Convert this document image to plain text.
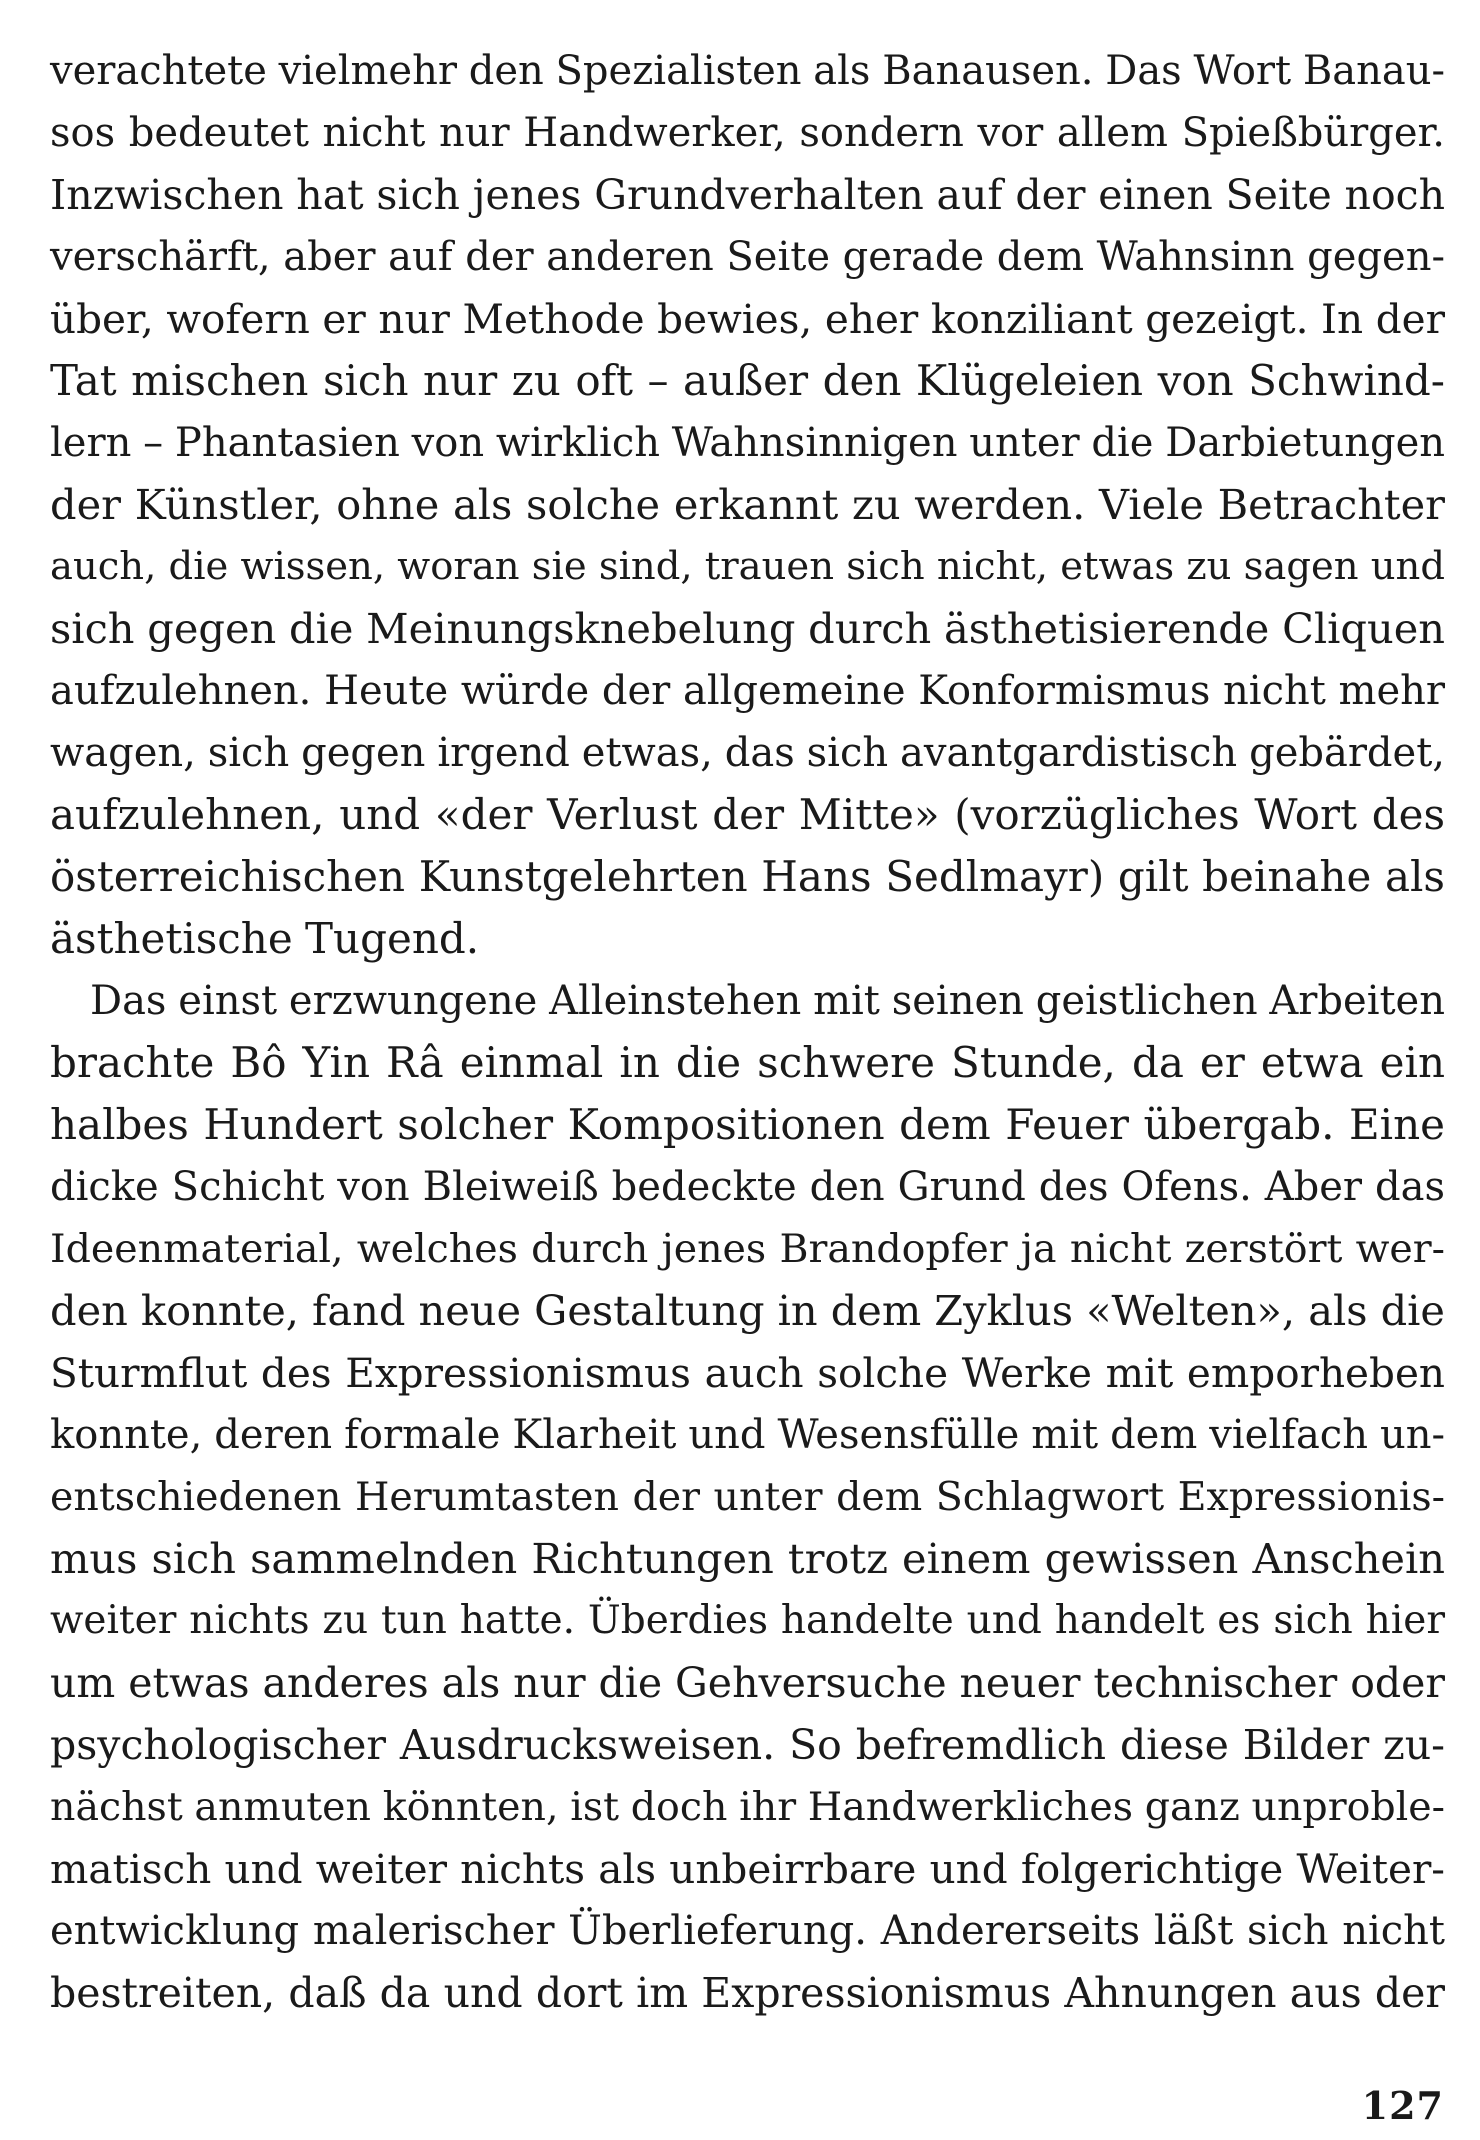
verachtete vielmehr den Spezialisten als Banausen. Das Wort Banau-
sos bedeutet nicht nur Handwerker, sondern vor allem Spießbürger.
Inzwischen hat sich jenes Grundverhalten auf der einen Seite noch
verschärft, aber auf der anderen Seite gerade dem Wahnsinn gegen-
über, wofern er nur Methode bewies, eher konziliant gezeigt. In der
Tat mischen sich nur zu oft – außer den Klügeleien von Schwind-
lern – Phantasien von wirklich Wahnsinnigen unter die Darbietungen
der Künstler, ohne als solche erkannt zu werden. Viele Betrachter
auch, die wissen, woran sie sind, trauen sich nicht, etwas zu sagen und
sich gegen die Meinungsknebelung durch ästhetisierende Cliquen
aufzulehnen. Heute würde der allgemeine Konformismus nicht mehr
wagen, sich gegen irgend etwas, das sich avantgardistisch gebärdet,
aufzulehnen, und «der Verlust der Mitte» (vorzügliches Wort des
österreichischen Kunstgelehrten Hans Sedlmayr) gilt beinahe als
ästhetische Tugend.
Das einst erzwungene Alleinstehen mit seinen geistlichen Arbeiten
brachte Bô Yin Râ einmal in die schwere Stunde, da er etwa ein
halbes Hundert solcher Kompositionen dem Feuer übergab. Eine
dicke Schicht von Bleiweiß bedeckte den Grund des Ofens. Aber das
Ideenmaterial, welches durch jenes Brandopfer ja nicht zerstört wer-
den konnte, fand neue Gestaltung in dem Zyklus «Welten», als die
Sturmflut des Expressionismus auch solche Werke mit emporheben
konnte, deren formale Klarheit und Wesensfülle mit dem vielfach un-
entschiedenen Herumtasten der unter dem Schlagwort Expressionis-
mus sich sammelnden Richtungen trotz einem gewissen Anschein
weiter nichts zu tun hatte. Überdies handelte und handelt es sich hier
um etwas anderes als nur die Gehversuche neuer technischer oder
psychologischer Ausdrucksweisen. So befremdlich diese Bilder zu-
nächst anmuten könnten, ist doch ihr Handwerkliches ganz unproble-
matisch und weiter nichts als unbeirrbare und folgerichtige Weiter-
entwicklung malerischer Überlieferung. Andererseits läßt sich nicht
bestreiten, daß da und dort im Expressionismus Ahnungen aus der
127
